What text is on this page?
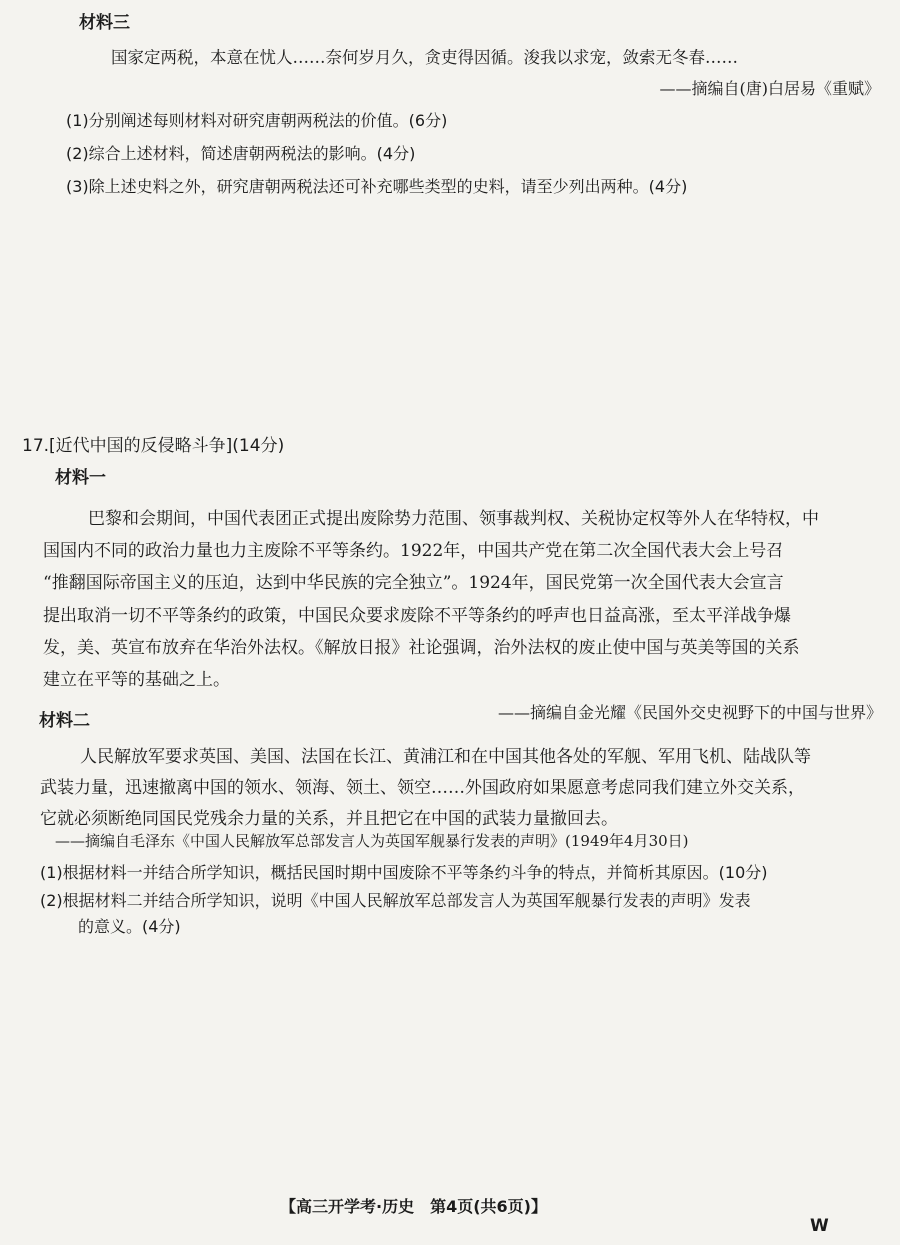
材料三
国家定两税，本意在忧人……奈何岁月久，贪吏得因循。浚我以求宠，敛索无冬春……
——摘编自(唐)白居易《重赋》
(1)分别阐述每则材料对研究唐朝两税法的价值。(6分)
(2)综合上述材料，简述唐朝两税法的影响。(4分)
(3)除上述史料之外，研究唐朝两税法还可补充哪些类型的史料，请至少列出两种。(4分)
17.[近代中国的反侵略斗争](14分)
材料一
巴黎和会期间，中国代表团正式提出废除势力范围、领事裁判权、关税协定权等外人在华特权，中
国国内不同的政治力量也力主废除不平等条约。1922年，中国共产党在第二次全国代表大会上号召
“推翻国际帝国主义的压迫，达到中华民族的完全独立”。1924年，国民党第一次全国代表大会宣言
提出取消一切不平等条约的政策，中国民众要求废除不平等条约的呼声也日益高涨，至太平洋战争爆
发，美、英宣布放弃在华治外法权。《解放日报》社论强调，治外法权的废止使中国与英美等国的关系
建立在平等的基础之上。
——摘编自金光耀《民国外交史视野下的中国与世界》
材料二
人民解放军要求英国、美国、法国在长江、黄浦江和在中国其他各处的军舰、军用飞机、陆战队等
武装力量，迅速撤离中国的领水、领海、领土、领空……外国政府如果愿意考虑同我们建立外交关系，
它就必须断绝同国民党残余力量的关系，并且把它在中国的武装力量撤回去。
——摘编自毛泽东《中国人民解放军总部发言人为英国军舰暴行发表的声明》(1949年4月30日)
(1)根据材料一并结合所学知识，概括民国时期中国废除不平等条约斗争的特点，并简析其原因。(10分)
(2)根据材料二并结合所学知识，说明《中国人民解放军总部发言人为英国军舰暴行发表的声明》发表
的意义。(4分)
【高三开学考·历史　第4页(共6页)】
W
